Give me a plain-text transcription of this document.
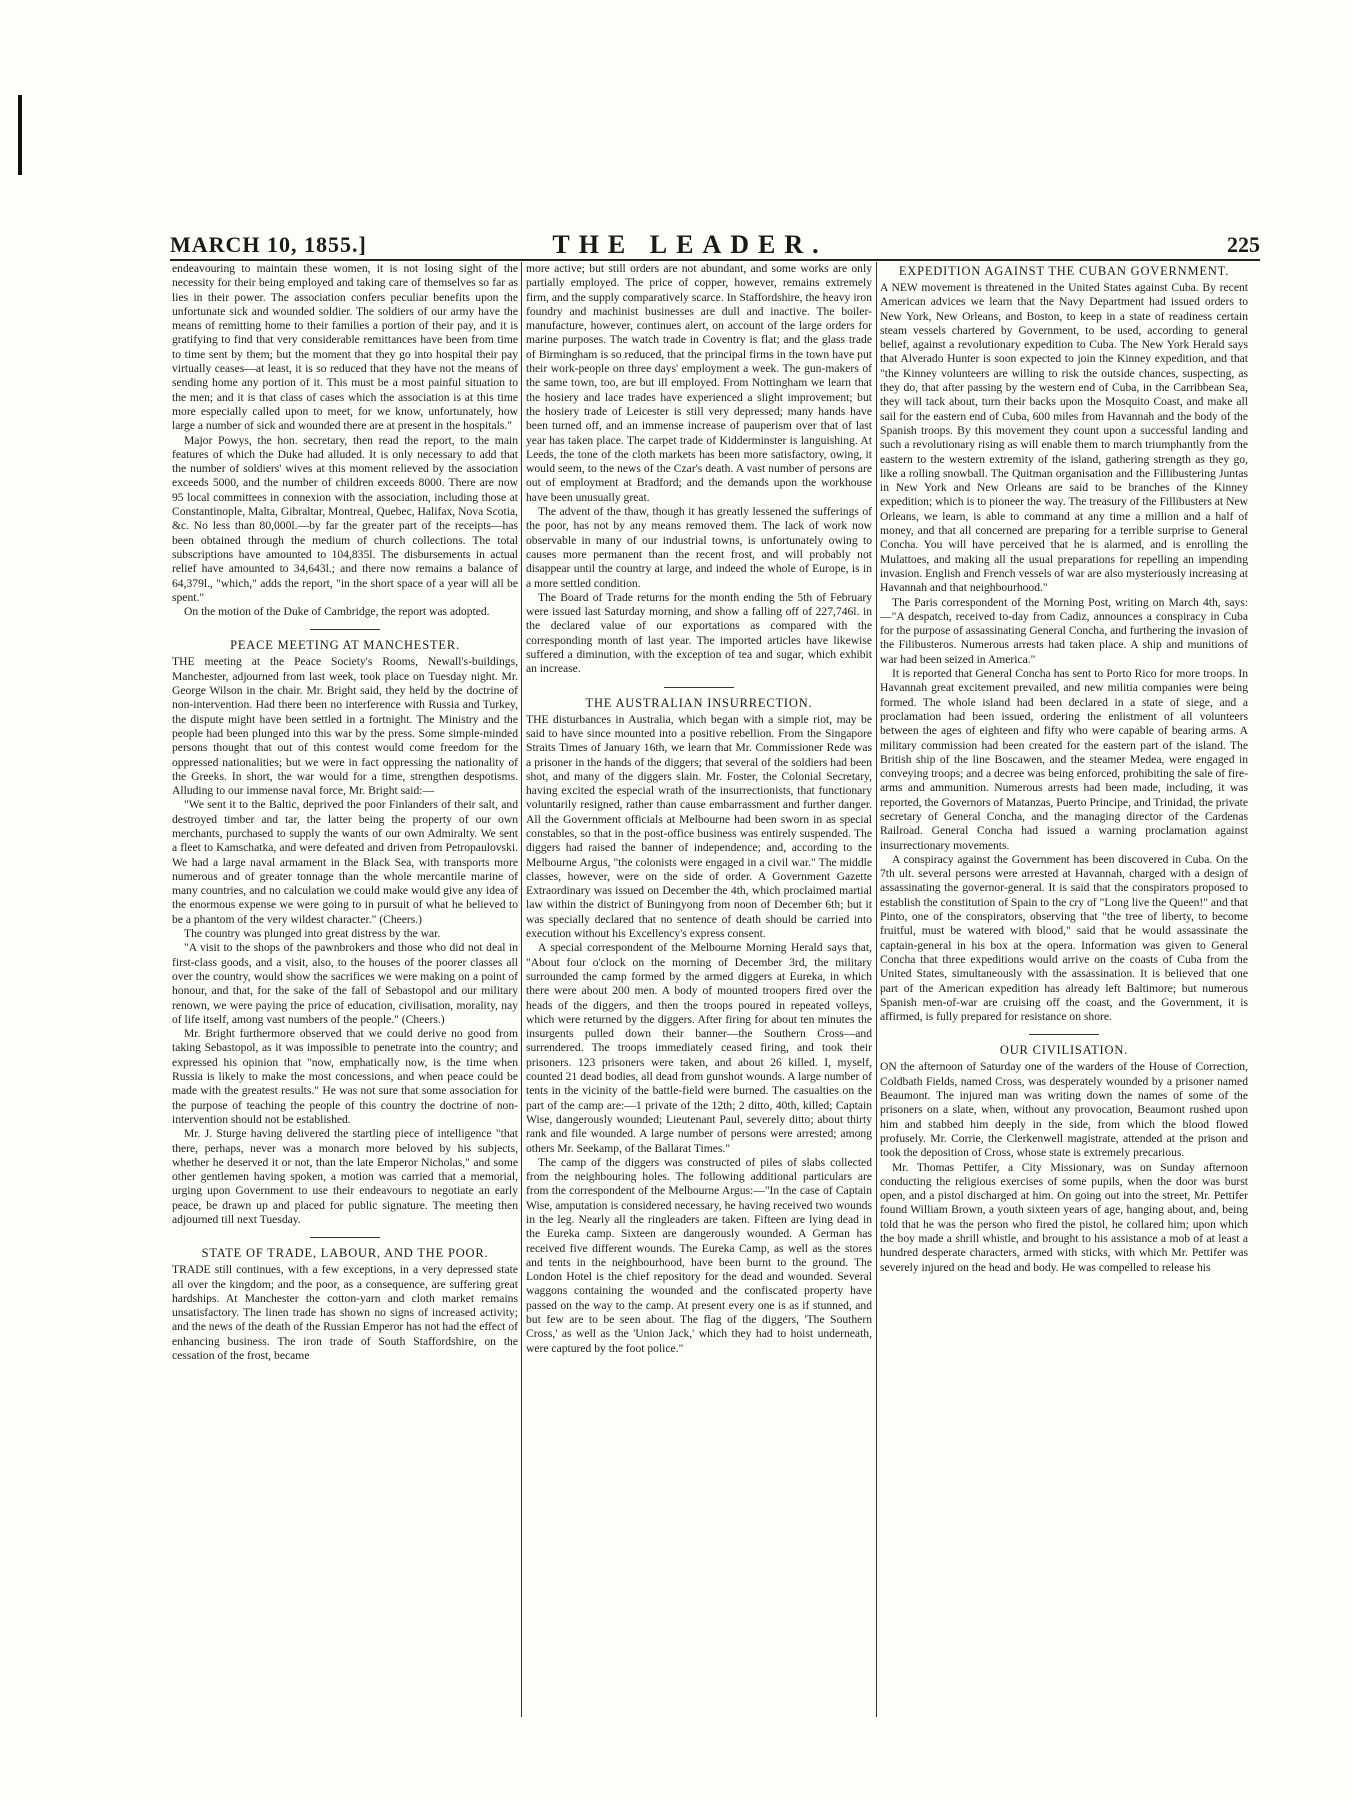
MARCH 10, 1855.]	THE LEADER.	225

endeavouring to maintain these women, it is not losing sight of the necessity for their being employed and taking care of themselves so far as lies in their power. The association confers peculiar benefits upon the unfortunate sick and wounded soldier. The soldiers of our army have the means of remitting home to their families a portion of their pay, and it is gratifying to find that very considerable remittances have been from time to time sent by them; but the moment that they go into hospital their pay virtually ceases—at least, it is so reduced that they have not the means of sending home any portion of it. This must be a most painful situation to the men; and it is that class of cases which the association is at this time more especially called upon to meet, for we know, unfortunately, how large a number of sick and wounded there are at present in the hospitals."

Major Powys, the hon. secretary, then read the report, to the main features of which the Duke had alluded. It is only necessary to add that the number of soldiers' wives at this moment relieved by the association exceeds 5000, and the number of children exceeds 8000. There are now 95 local committees in connexion with the association, including those at Constantinople, Malta, Gibraltar, Montreal, Quebec, Halifax, Nova Scotia, &c. No less than 80,000l.—by far the greater part of the receipts—has been obtained through the medium of church collections. The total subscriptions have amounted to 104,835l. The disbursements in actual relief have amounted to 34,643l.; and there now remains a balance of 64,379l., "which," adds the report, "in the short space of a year will all be spent."

On the motion of the Duke of Cambridge, the report was adopted.

PEACE MEETING AT MANCHESTER.

THE meeting at the Peace Society's Rooms, Newall's-buildings, Manchester, adjourned from last week, took place on Tuesday night. Mr. George Wilson in the chair. Mr. Bright said, they held by the doctrine of non-intervention. Had there been no interference with Russia and Turkey, the dispute might have been settled in a fortnight. The Ministry and the people had been plunged into this war by the press. Some simple-minded persons thought that out of this contest would come freedom for the oppressed nationalities; but we were in fact oppressing the nationality of the Greeks. In short, the war would for a time, strengthen despotisms. Alluding to our immense naval force, Mr. Bright said:—

"We sent it to the Baltic, deprived the poor Finlanders of their salt, and destroyed timber and tar, the latter being the property of our own merchants, purchased to supply the wants of our own Admiralty. We sent a fleet to Kamschatka, and were defeated and driven from Petropaulovski. We had a large naval armament in the Black Sea, with transports more numerous and of greater tonnage than the whole mercantile marine of many countries, and no calculation we could make would give any idea of the enormous expense we were going to in pursuit of what he believed to be a phantom of the very wildest character." (Cheers.)

The country was plunged into great distress by the war.

"A visit to the shops of the pawnbrokers and those who did not deal in first-class goods, and a visit, also, to the houses of the poorer classes all over the country, would show the sacrifices we were making on a point of honour, and that, for the sake of the fall of Sebastopol and our military renown, we were paying the price of education, civilisation, morality, nay of life itself, among vast numbers of the people." (Cheers.)

Mr. Bright furthermore observed that we could derive no good from taking Sebastopol, as it was impossible to penetrate into the country; and expressed his opinion that "now, emphatically now, is the time when Russia is likely to make the most concessions, and when peace could be made with the greatest results." He was not sure that some association for the purpose of teaching the people of this country the doctrine of non-intervention should not be established.

Mr. J. Sturge having delivered the startling piece of intelligence "that there, perhaps, never was a monarch more beloved by his subjects, whether he deserved it or not, than the late Emperor Nicholas," and some other gentlemen having spoken, a motion was carried that a memorial, urging upon Government to use their endeavours to negotiate an early peace, be drawn up and placed for public signature. The meeting then adjourned till next Tuesday.

STATE OF TRADE, LABOUR, AND THE POOR.

TRADE still continues, with a few exceptions, in a very depressed state all over the kingdom; and the poor, as a consequence, are suffering great hardships. At Manchester the cotton-yarn and cloth market remains unsatisfactory. The linen trade has shown no signs of increased activity; and the news of the death of the Russian Emperor has not had the effect of enhancing business. The iron trade of South Staffordshire, on the cessation of the frost, became

more active; but still orders are not abundant, and some works are only partially employed. The price of copper, however, remains extremely firm, and the supply comparatively scarce. In Staffordshire, the heavy iron foundry and machinist businesses are dull and inactive. The boiler-manufacture, however, continues alert, on account of the large orders for marine purposes. The watch trade in Coventry is flat; and the glass trade of Birmingham is so reduced, that the principal firms in the town have put their work-people on three days' employment a week. The gun-makers of the same town, too, are but ill employed. From Nottingham we learn that the hosiery and lace trades have experienced a slight improvement; but the hosiery trade of Leicester is still very depressed; many hands have been turned off, and an immense increase of pauperism over that of last year has taken place. The carpet trade of Kidderminster is languishing. At Leeds, the tone of the cloth markets has been more satisfactory, owing, it would seem, to the news of the Czar's death. A vast number of persons are out of employment at Bradford; and the demands upon the workhouse have been unusually great.

The advent of the thaw, though it has greatly lessened the sufferings of the poor, has not by any means removed them. The lack of work now observable in many of our industrial towns, is unfortunately owing to causes more permanent than the recent frost, and will probably not disappear until the country at large, and indeed the whole of Europe, is in a more settled condition.

The Board of Trade returns for the month ending the 5th of February were issued last Saturday morning, and show a falling off of 227,746l. in the declared value of our exportations as compared with the corresponding month of last year. The imported articles have likewise suffered a diminution, with the exception of tea and sugar, which exhibit an increase.

THE AUSTRALIAN INSURRECTION.

THE disturbances in Australia, which began with a simple riot, may be said to have since mounted into a positive rebellion. From the Singapore Straits Times of January 16th, we learn that Mr. Commissioner Rede was a prisoner in the hands of the diggers; that several of the soldiers had been shot, and many of the diggers slain. Mr. Foster, the Colonial Secretary, having excited the especial wrath of the insurrectionists, that functionary voluntarily resigned, rather than cause embarrassment and further danger. All the Government officials at Melbourne had been sworn in as special constables, so that in the post-office business was entirely suspended. The diggers had raised the banner of independence; and, according to the Melbourne Argus, "the colonists were engaged in a civil war." The middle classes, however, were on the side of order. A Government Gazette Extraordinary was issued on December the 4th, which proclaimed martial law within the district of Buningyong from noon of December 6th; but it was specially declared that no sentence of death should be carried into execution without his Excellency's express consent.

A special correspondent of the Melbourne Morning Herald says that, "About four o'clock on the morning of December 3rd, the military surrounded the camp formed by the armed diggers at Eureka, in which there were about 200 men. A body of mounted troopers fired over the heads of the diggers, and then the troops poured in repeated volleys, which were returned by the diggers. After firing for about ten minutes the insurgents pulled down their banner—the Southern Cross—and surrendered. The troops immediately ceased firing, and took their prisoners. 123 prisoners were taken, and about 26 killed. I, myself, counted 21 dead bodies, all dead from gunshot wounds. A large number of tents in the vicinity of the battle-field were burned. The casualties on the part of the camp are:—1 private of the 12th; 2 ditto, 40th, killed; Captain Wise, dangerously wounded; Lieutenant Paul, severely ditto; about thirty rank and file wounded. A large number of persons were arrested; among others Mr. Seekamp, of the Ballarat Times."

The camp of the diggers was constructed of piles of slabs collected from the neighbouring holes. The following additional particulars are from the correspondent of the Melbourne Argus:—"In the case of Captain Wise, amputation is considered necessary, he having received two wounds in the leg. Nearly all the ringleaders are taken. Fifteen are lying dead in the Eureka camp. Sixteen are dangerously wounded. A German has received five different wounds. The Eureka Camp, as well as the stores and tents in the neighbourhood, have been burnt to the ground. The London Hotel is the chief repository for the dead and wounded. Several waggons containing the wounded and the confiscated property have passed on the way to the camp. At present every one is as if stunned, and but few are to be seen about. The flag of the diggers, 'The Southern Cross,' as well as the 'Union Jack,' which they had to hoist underneath, were captured by the foot police."

EXPEDITION AGAINST THE CUBAN GOVERNMENT.

A NEW movement is threatened in the United States against Cuba. By recent American advices we learn that the Navy Department had issued orders to New York, New Orleans, and Boston, to keep in a state of readiness certain steam vessels chartered by Government, to be used, according to general belief, against a revolutionary expedition to Cuba. The New York Herald says that Alverado Hunter is soon expected to join the Kinney expedition, and that "the Kinney volunteers are willing to risk the outside chances, suspecting, as they do, that after passing by the western end of Cuba, in the Carribbean Sea, they will tack about, turn their backs upon the Mosquito Coast, and make all sail for the eastern end of Cuba, 600 miles from Havannah and the body of the Spanish troops. By this movement they count upon a successful landing and such a revolutionary rising as will enable them to march triumphantly from the eastern to the western extremity of the island, gathering strength as they go, like a rolling snowball. The Quitman organisation and the Fillibustering Juntas in New York and New Orleans are said to be branches of the Kinney expedition; which is to pioneer the way. The treasury of the Fillibusters at New Orleans, we learn, is able to command at any time a million and a half of money, and that all concerned are preparing for a terrible surprise to General Concha. You will have perceived that he is alarmed, and is enrolling the Mulattoes, and making all the usual preparations for repelling an impending invasion. English and French vessels of war are also mysteriously increasing at Havannah and that neighbourhood."

The Paris correspondent of the Morning Post, writing on March 4th, says:—"A despatch, received to-day from Cadiz, announces a conspiracy in Cuba for the purpose of assassinating General Concha, and furthering the invasion of the Filibusteros. Numerous arrests had taken place. A ship and munitions of war had been seized in America."

It is reported that General Concha has sent to Porto Rico for more troops. In Havannah great excitement prevailed, and new militia companies were being formed. The whole island had been declared in a state of siege, and a proclamation had been issued, ordering the enlistment of all volunteers between the ages of eighteen and fifty who were capable of bearing arms. A military commission had been created for the eastern part of the island. The British ship of the line Boscawen, and the steamer Medea, were engaged in conveying troops; and a decree was being enforced, prohibiting the sale of fire-arms and ammunition. Numerous arrests had been made, including, it was reported, the Governors of Matanzas, Puerto Principe, and Trinidad, the private secretary of General Concha, and the managing director of the Cardenas Railroad. General Concha had issued a warning proclamation against insurrectionary movements.

A conspiracy against the Government has been discovered in Cuba. On the 7th ult. several persons were arrested at Havannah, charged with a design of assassinating the governor-general. It is said that the conspirators proposed to establish the constitution of Spain to the cry of "Long live the Queen!" and that Pinto, one of the conspirators, observing that "the tree of liberty, to become fruitful, must be watered with blood," said that he would assassinate the captain-general in his box at the opera. Information was given to General Concha that three expeditions would arrive on the coasts of Cuba from the United States, simultaneously with the assassination. It is believed that one part of the American expedition has already left Baltimore; but numerous Spanish men-of-war are cruising off the coast, and the Government, it is affirmed, is fully prepared for resistance on shore.

OUR CIVILISATION.

ON the afternoon of Saturday one of the warders of the House of Correction, Coldbath Fields, named Cross, was desperately wounded by a prisoner named Beaumont. The injured man was writing down the names of some of the prisoners on a slate, when, without any provocation, Beaumont rushed upon him and stabbed him deeply in the side, from which the blood flowed profusely. Mr. Corrie, the Clerkenwell magistrate, attended at the prison and took the deposition of Cross, whose state is extremely precarious.

Mr. Thomas Pettifer, a City Missionary, was on Sunday afternoon conducting the religious exercises of some pupils, when the door was burst open, and a pistol discharged at him. On going out into the street, Mr. Pettifer found William Brown, a youth sixteen years of age, hanging about, and, being told that he was the person who fired the pistol, he collared him; upon which the boy made a shrill whistle, and brought to his assistance a mob of at least a hundred desperate characters, armed with sticks, with which Mr. Pettifer was severely injured on the head and body. He was compelled to release his
